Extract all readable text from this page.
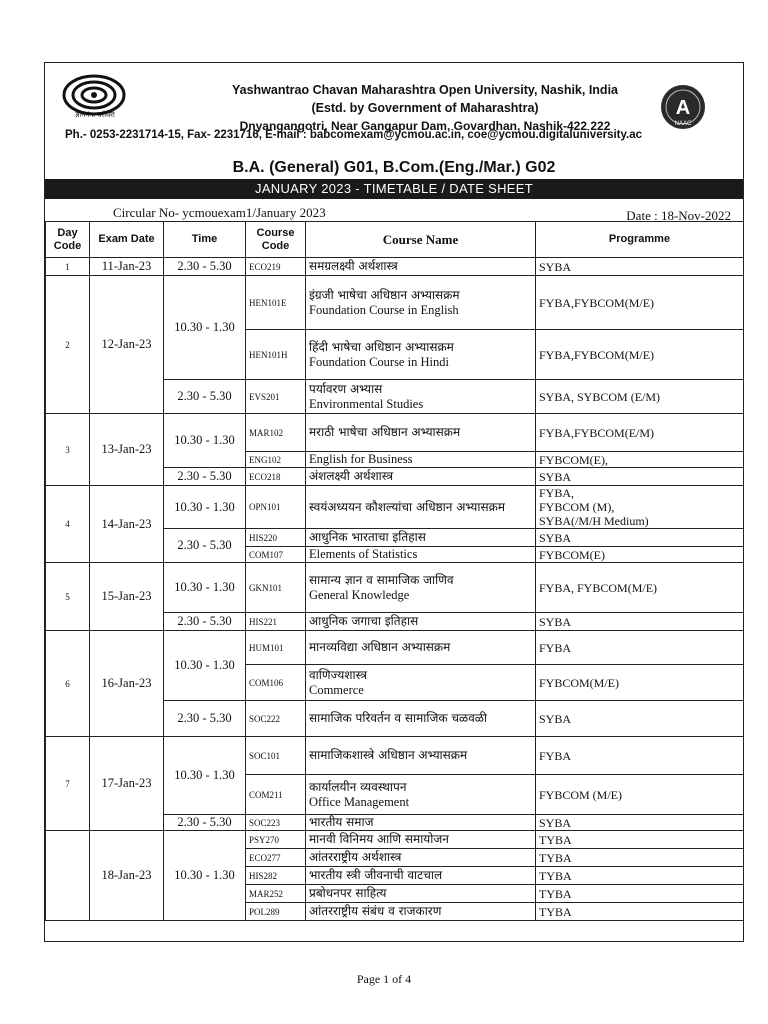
ज्ञानगंगा घरोघरी	A
NAAC
Yashwantrao Chavan Maharashtra Open University, Nashik, India
(Estd. by Government of Maharashtra)
Dnyangangotri, Near Gangapur Dam, Govardhan, Nashik-422 222
Ph.- 0253-2231714-15, Fax- 2231716, E-mail : babcomexam@ycmou.ac.in, coe@ycmou.digitaluniversity.ac
B.A. (General) G01, B.Com.(Eng./Mar.) G02
JANUARY 2023 - TIMETABLE / DATE SHEET
Circular No- ycmouexam1/January 2023	Date : 18-Nov-2022
Day Code	Exam Date	Time	Course Code	Course Name	Programme
1	11-Jan-23	2.30 - 5.30	ECO219	समग्रलक्ष्यी अर्थशास्त्र	SYBA

2	12-Jan-23	10.30 - 1.30	HEN101E	इंग्रजी भाषेचा अधिष्ठान अभ्यासक्रम
Foundation Course in English	FYBA,FYBCOM(M/E)

			HEN101H	हिंदी भाषेचा अधिष्ठान अभ्यासक्रम
Foundation Course in Hindi	FYBA,FYBCOM(M/E)

		2.30 - 5.30	EVS201	पर्यावरण अभ्यास
Environmental Studies	SYBA, SYBCOM (E/M)

3	13-Jan-23	10.30 - 1.30	MAR102	मराठी भाषेचा अधिष्ठान अभ्यासक्रम	FYBA,FYBCOM(E/M)

			ENG102	English for Business	FYBCOM(E),

		2.30 - 5.30	ECO218	अंशलक्ष्यी अर्थशास्त्र	SYBA

4	14-Jan-23	10.30 - 1.30	OPN101	स्वयंअध्ययन कौशल्यांचा अधिष्ठान अभ्यासक्रम	FYBA,
FYBCOM (M),
SYBA(/M/H Medium)

		2.30 - 5.30	HIS220	आधुनिक भारताचा इतिहास	SYBA

			COM107	Elements of Statistics	FYBCOM(E)

5	15-Jan-23	10.30 - 1.30	GKN101	सामान्य ज्ञान व सामाजिक जाणिव
General Knowledge	FYBA, FYBCOM(M/E)

		2.30 - 5.30	HIS221	आधुनिक जगाचा इतिहास	SYBA

6	16-Jan-23	10.30 - 1.30	HUM101	मानव्यविद्या अधिष्ठान अभ्यासक्रम	FYBA

			COM106	वाणिज्यशास्त्र
Commerce	FYBCOM(M/E)

		2.30 - 5.30	SOC222	सामाजिक परिवर्तन व सामाजिक चळवळी	SYBA

7	17-Jan-23	10.30 - 1.30	SOC101	सामाजिकशास्त्रे अधिष्ठान अभ्यासक्रम	FYBA

			COM211	कार्यालयीन व्यवस्थापन
Office Management	FYBCOM (M/E)

		2.30 - 5.30	SOC223	भारतीय समाज	SYBA

	18-Jan-23	10.30 - 1.30	PSY270	मानवी विनिमय आणि समायोजन	TYBA

			ECO277	आंतरराष्ट्रीय अर्थशास्त्र	TYBA

			HIS282	भारतीय स्त्री जीवनाची वाटचाल	TYBA

			MAR252	प्रबोधनपर साहित्य	TYBA

			POL289	आंतरराष्ट्रीय संबंध व राजकारण	TYBA
Page 1 of 4
